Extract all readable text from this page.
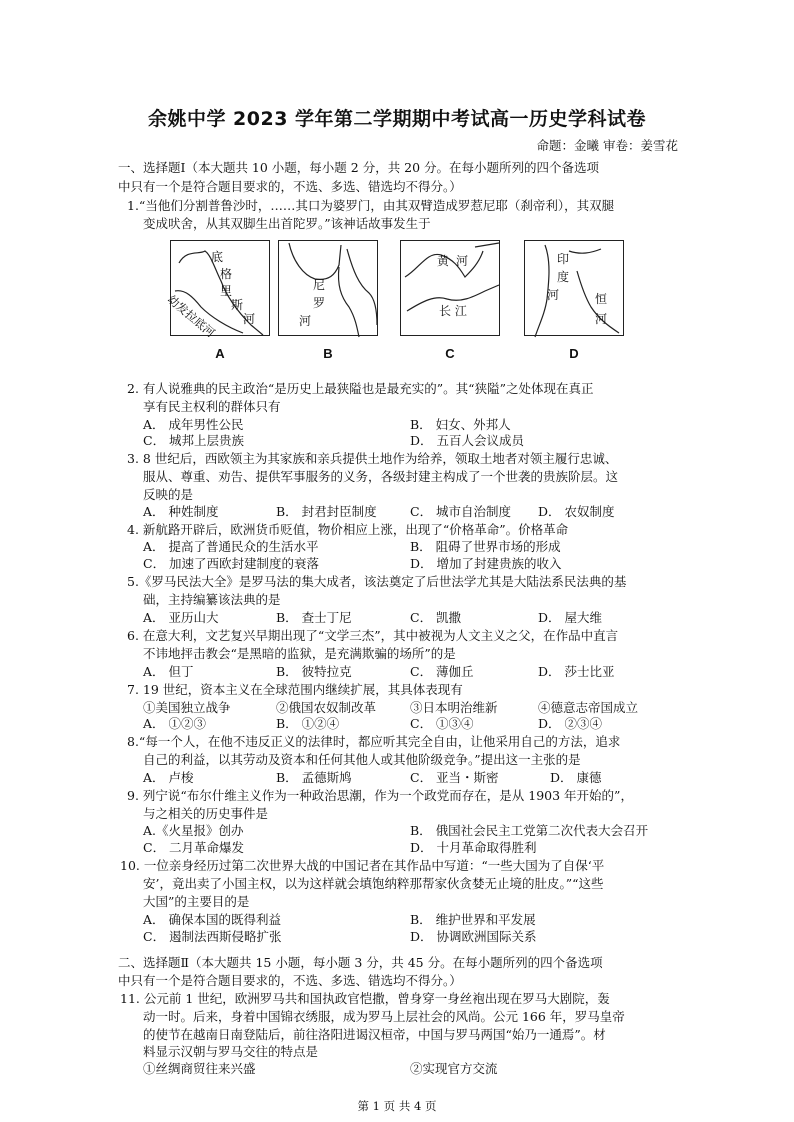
余姚中学 2023 学年第二学期期中考试高一历史学科试卷
命题：金曦 审卷：姜雪花
一、选择题Ⅰ（本大题共 10 小题，每小题 2 分，共 20 分。在每小题所列的四个备选项
中只有一个是符合题目要求的，不选、多选、错选均不得分。）
1.“当他们分割普鲁沙时，……其口为婆罗门，由其双臂造成罗惹尼耶（刹帝利），其双腿
变成吠舍，从其双脚生出首陀罗。”该神话故事发生于
底
格
里
斯
河
幼发拉底河
A
尼
罗
河
B
黄 河
长 江
C
印
度
河	恒
河
D
2. 有人说雅典的民主政治“是历史上最狭隘也是最充实的”。其“狭隘”之处体现在真正
享有民主权利的群体只有
A． 成年男性公民	B． 妇女、外邦人
C． 城邦上层贵族	D． 五百人会议成员
3. 8 世纪后，西欧领主为其家族和亲兵提供土地作为给养，领取土地者对领主履行忠诚、
服从、尊重、劝告、提供军事服务的义务，各级封建主构成了一个世袭的贵族阶层。这
反映的是
A． 种姓制度	B． 封君封臣制度	C． 城市自治制度 D． 农奴制度
4. 新航路开辟后，欧洲货币贬值，物价相应上涨，出现了“价格革命”。价格革命
A． 提高了普通民众的生活水平	B． 阻碍了世界市场的形成
C． 加速了西欧封建制度的衰落	D． 增加了封建贵族的收入
5.《罗马民法大全》是罗马法的集大成者，该法奠定了后世法学尤其是大陆法系民法典的基
础，主持编纂该法典的是
A． 亚历山大	B． 查士丁尼	C． 凯撒	D． 屋大维
6. 在意大利，文艺复兴早期出现了“文学三杰”，其中被视为人文主义之父，在作品中直言
不讳地抨击教会“是黑暗的监狱，是充满欺骗的场所”的是
A． 但丁	B． 彼特拉克	C． 薄伽丘	D． 莎士比亚
7. 19 世纪，资本主义在全球范围内继续扩展，其具体表现有
①美国独立战争	②俄国农奴制改革	③日本明治维新	④德意志帝国成立
A． ①②③	B． ①②④	C． ①③④	D． ②③④
8.“每一个人，在他不违反正义的法律时，都应听其完全自由，让他采用自己的方法，追求
自己的利益，以其劳动及资本和任何其他人或其他阶级竞争。”提出这一主张的是
A． 卢梭	B． 孟德斯鸠	C． 亚当・斯密	D． 康德
9. 列宁说“布尔什维主义作为一种政治思潮，作为一个政党而存在，是从 1903 年开始的”，
与之相关的历史事件是
A.《火星报》创办	B． 俄国社会民主工党第二次代表大会召开
C． 二月革命爆发	D． 十月革命取得胜利
10. 一位亲身经历过第二次世界大战的中国记者在其作品中写道：“一些大国为了自保‘平
安’，竟出卖了小国主权，以为这样就会填饱纳粹那帮家伙贪婪无止境的肚皮。”“这些
大国”的主要目的是
A． 确保本国的既得利益	B． 维护世界和平发展
C． 遏制法西斯侵略扩张	D． 协调欧洲国际关系
二、选择题Ⅱ（本大题共 15 小题，每小题 3 分，共 45 分。在每小题所列的四个备选项
中只有一个是符合题目要求的，不选、多选、错选均不得分。）
11. 公元前 1 世纪，欧洲罗马共和国执政官恺撒，曾身穿一身丝袍出现在罗马大剧院，轰
动一时。后来，身着中国锦衣绣服，成为罗马上层社会的风尚。公元 166 年，罗马皇帝
的使节在越南日南登陆后，前往洛阳进谒汉桓帝，中国与罗马两国“始乃一通焉”。材
料显示汉朝与罗马交往的特点是
①丝绸商贸往来兴盛	②实现官方交流
第 1 页 共 4 页
